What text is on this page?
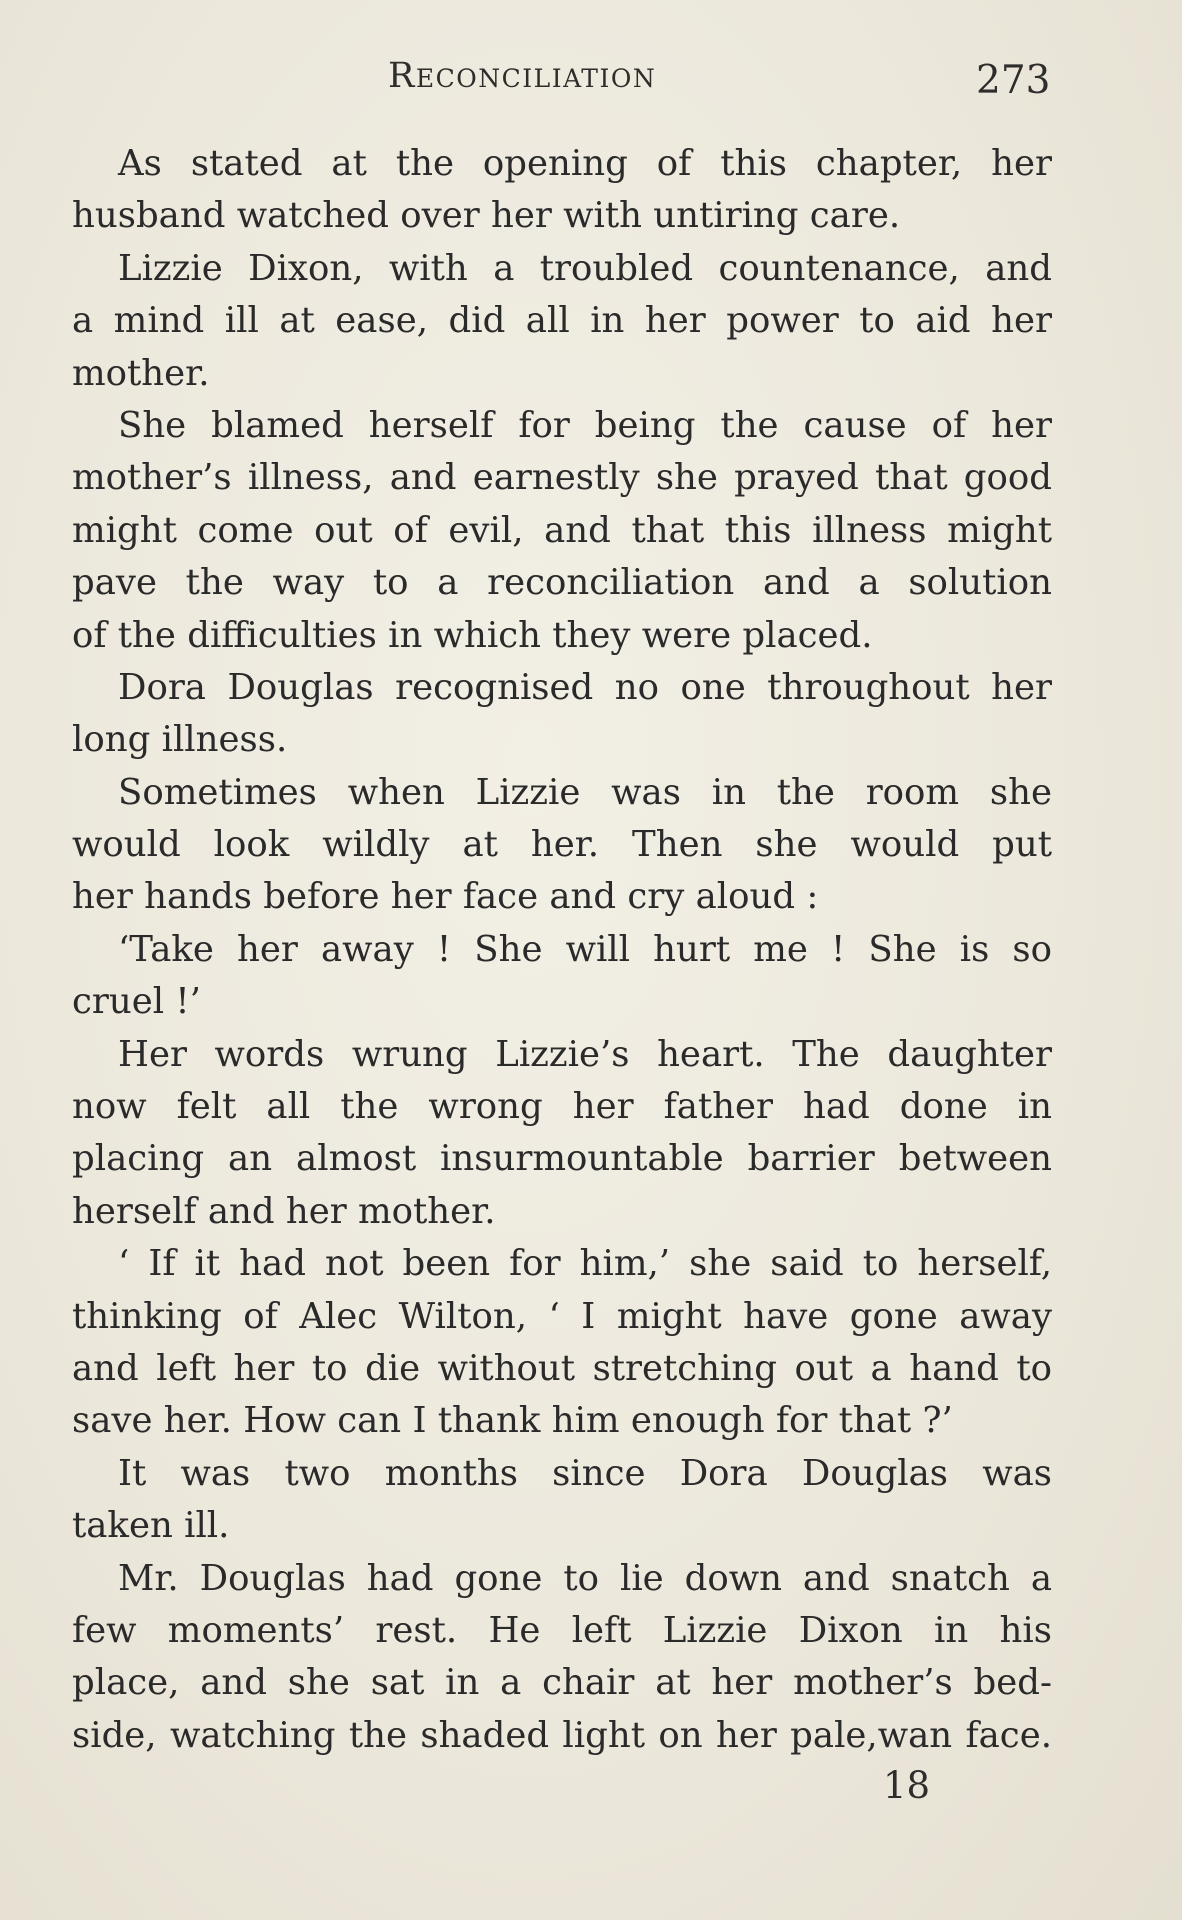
Reconciliation	273
As stated at the opening of this chapter, her
husband watched over her with untiring care.
Lizzie Dixon, with a troubled countenance, and
a mind ill at ease, did all in her power to aid her
mother.
She blamed herself for being the cause of her
mother’s illness, and earnestly she prayed that good
might come out of evil, and that this illness might
pave the way to a reconciliation and a solution
of the difficulties in which they were placed.
Dora Douglas recognised no one throughout her
long illness.
Sometimes when Lizzie was in the room she
would look wildly at her. Then she would put
her hands before her face and cry aloud :
‘Take her away ! She will hurt me ! She is so
cruel !’
Her words wrung Lizzie’s heart. The daughter
now felt all the wrong her father had done in
placing an almost insurmountable barrier between
herself and her mother.
‘ If it had not been for him,’ she said to herself,
thinking of Alec Wilton, ‘ I might have gone away
and left her to die without stretching out a hand to
save her. How can I thank him enough for that ?’
It was two months since Dora Douglas was
taken ill.
Mr. Douglas had gone to lie down and snatch a
few moments’ rest. He left Lizzie Dixon in his
place, and she sat in a chair at her mother’s bed-
side, watching the shaded light on her pale,wan face.
18
